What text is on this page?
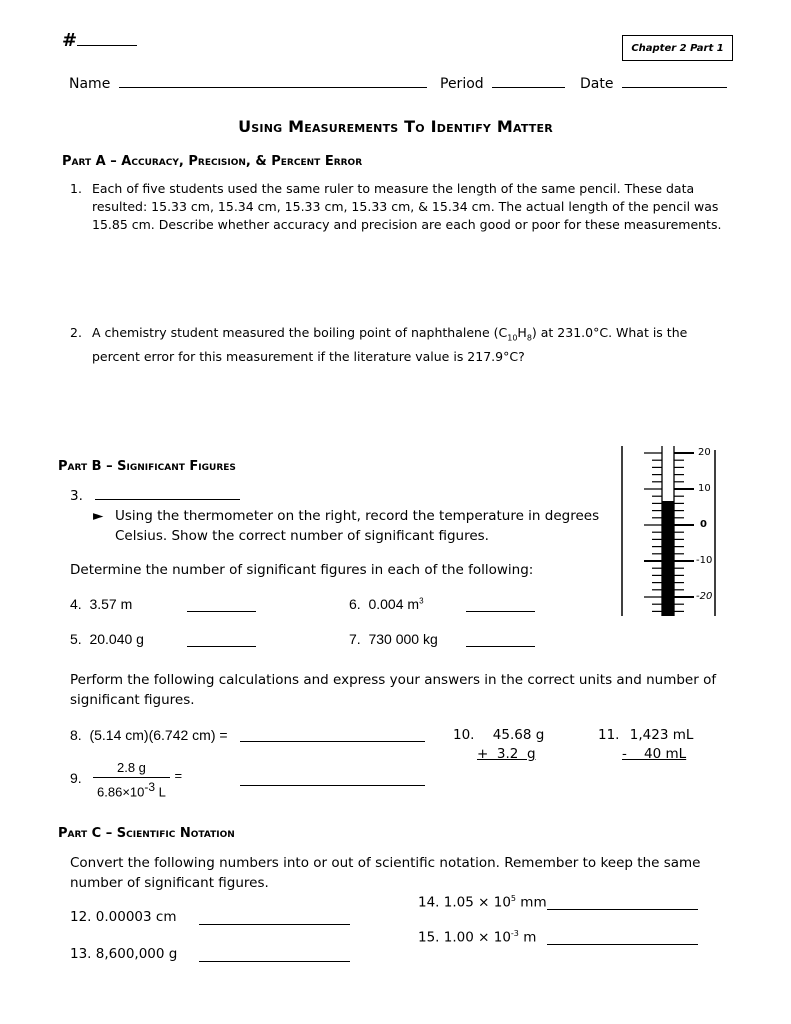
#	Chapter 2 Part 1
Name	Period	Date
Using Measurements To Identify Matter
Part A – Accuracy, Precision, & Percent Error
1. Each of five students used the same ruler to measure the length of the same pencil. These data resulted: 15.33 cm, 15.34 cm, 15.33 cm, 15.33 cm, & 15.34 cm. The actual length of the pencil was 15.85 cm. Describe whether accuracy and precision are each good or poor for these measurements.
2. A chemistry student measured the boiling point of naphthalene $(C_{10}H_8)$ at 231.0°C. What is the percent error for this measurement if the literature value is 217.9°C?
Part B – Significant Figures
3.
► Using the thermometer on the right, record the temperature in degrees Celsius. Show the correct number of significant figures.
Determine the number of significant figures in each of the following:
4. 3.57 m
5. 20.040 g
6. 0.004 $m^3$
7. 730 000 kg
20
10
0
-10
-20
Perform the following calculations and express your answers in the correct units and number of significant figures.
8. (5.14 cm)(6.742 cm) =
9. $\frac{2.8 g}{6.86\times 10^{-3} L}$ =
10. 45.68 g
+  3.2  g
11. 1,423 mL
-    40 mL
Part C – Scientific Notation
Convert the following numbers into or out of scientific notation. Remember to keep the same number of significant figures.
12. 0.00003 cm
13. 8,600,000 g
14. $1.05 \times 10^5$ mm
15. $1.00 \times 10^{-3}$ m
